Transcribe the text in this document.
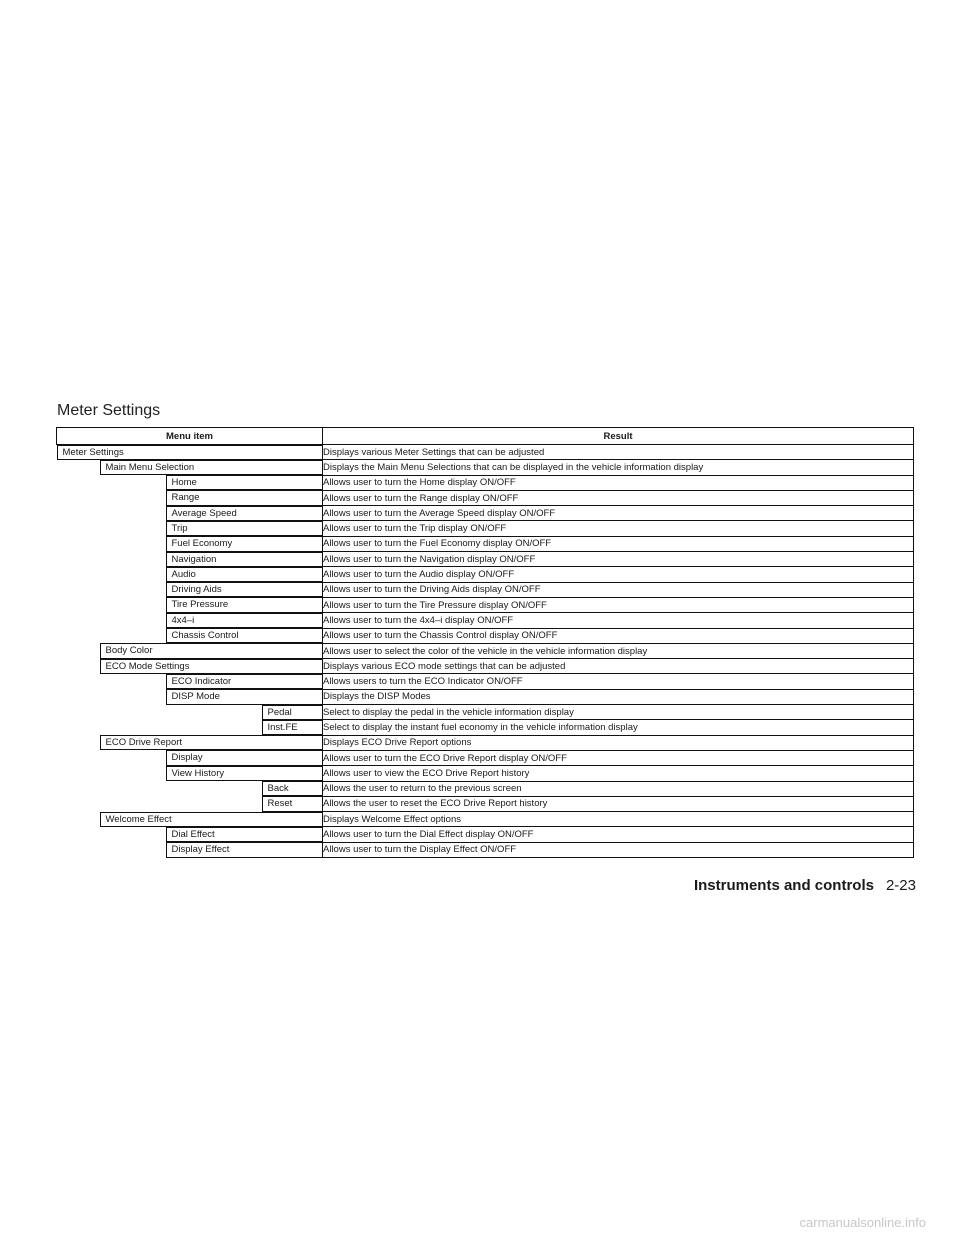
Meter Settings
Menu item	Result

Meter Settings	Displays various Meter Settings that can be adjusted

Main Menu Selection	Displays the Main Menu Selections that can be displayed in the vehicle information display

Home	Allows user to turn the Home display ON/OFF

Range	Allows user to turn the Range display ON/OFF

Average Speed	Allows user to turn the Average Speed display ON/OFF

Trip	Allows user to turn the Trip display ON/OFF

Fuel Economy	Allows user to turn the Fuel Economy display ON/OFF

Navigation	Allows user to turn the Navigation display ON/OFF

Audio	Allows user to turn the Audio display ON/OFF

Driving Aids	Allows user to turn the Driving Aids display ON/OFF

Tire Pressure	Allows user to turn the Tire Pressure display ON/OFF

4x4–i	Allows user to turn the 4x4–i display ON/OFF

Chassis Control	Allows user to turn the Chassis Control display ON/OFF

Body Color	Allows user to select the color of the vehicle in the vehicle information display

ECO Mode Settings	Displays various ECO mode settings that can be adjusted

ECO Indicator	Allows users to turn the ECO Indicator ON/OFF

DISP Mode	Displays the DISP Modes

Pedal	Select to display the pedal in the vehicle information display

Inst.FE	Select to display the instant fuel economy in the vehicle information display

ECO Drive Report	Displays ECO Drive Report options

Display	Allows user to turn the ECO Drive Report display ON/OFF

View History	Allows user to view the ECO Drive Report history

Back	Allows the user to return to the previous screen

Reset	Allows the user to reset the ECO Drive Report history

Welcome Effect	Displays Welcome Effect options

Dial Effect	Allows user to turn the Dial Effect display ON/OFF

Display Effect	Allows user to turn the Display Effect ON/OFF
Instruments and controls 2-23
carmanualsonline.info
